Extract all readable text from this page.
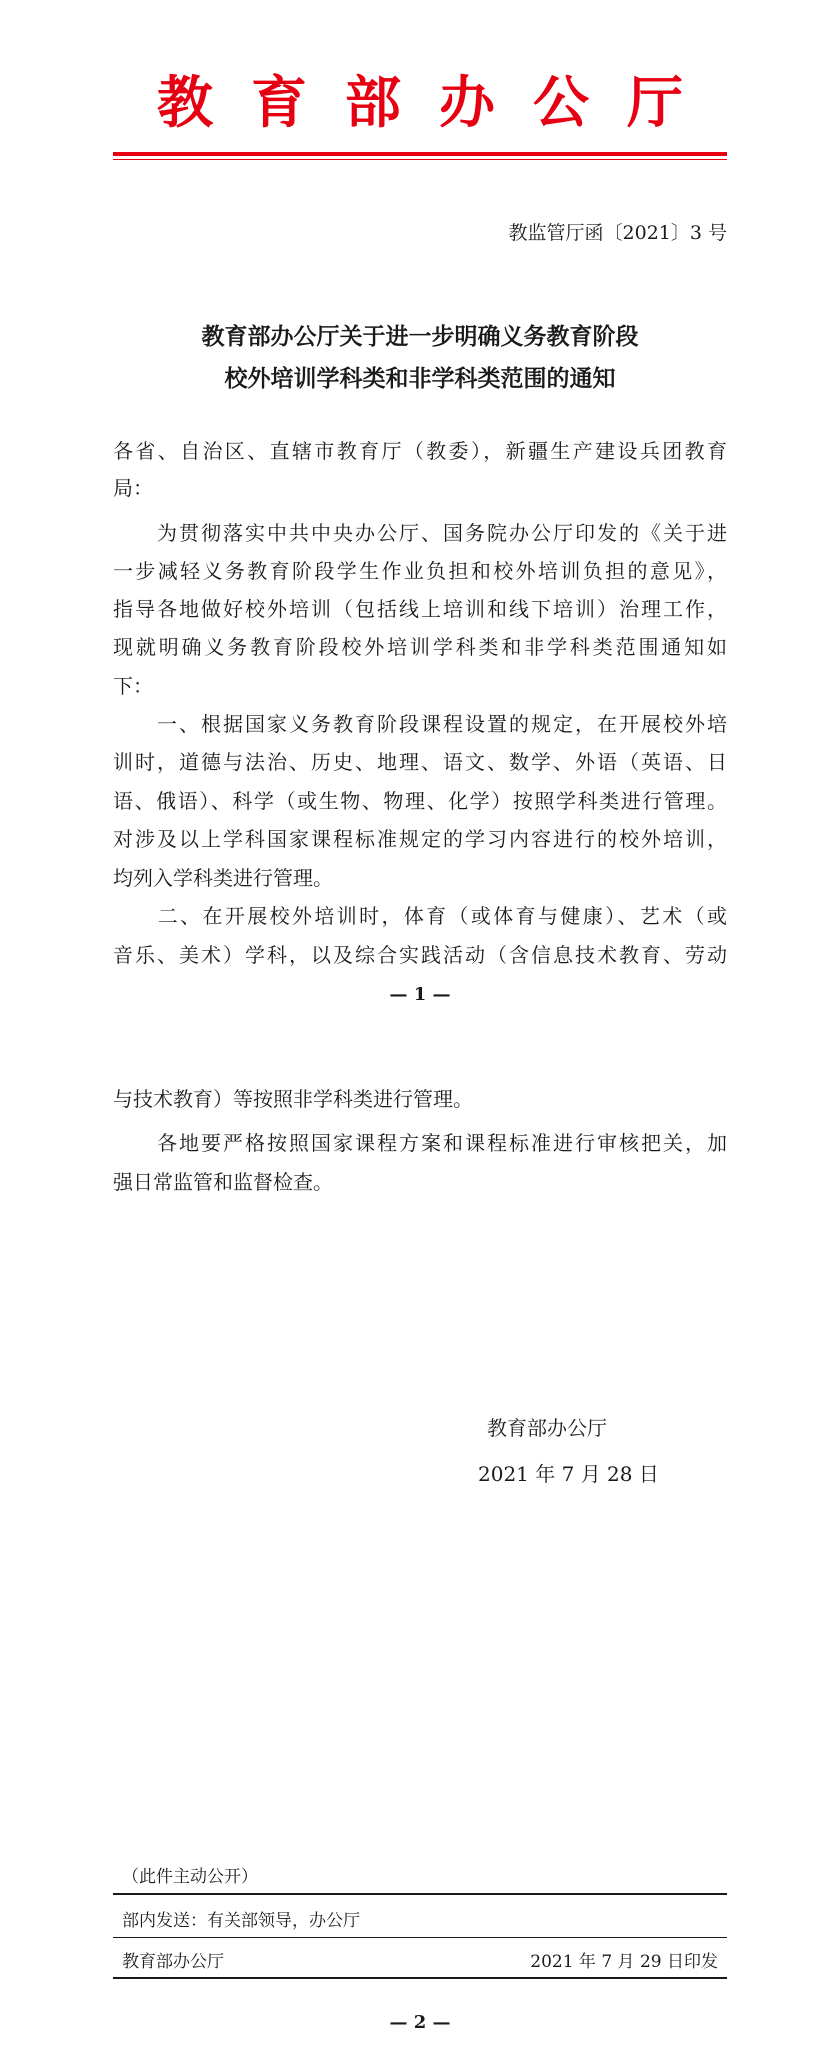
教育部办公厅
教监管厅函〔2021〕3 号
教育部办公厅关于进一步明确义务教育阶段
校外培训学科类和非学科类范围的通知
各省、自治区、直辖市教育厅（教委），新疆生产建设兵团教育
局：
　　为贯彻落实中共中央办公厅、国务院办公厅印发的《关于进
一步减轻义务教育阶段学生作业负担和校外培训负担的意见》，
指导各地做好校外培训（包括线上培训和线下培训）治理工作，
现就明确义务教育阶段校外培训学科类和非学科类范围通知如
下：
　　一、根据国家义务教育阶段课程设置的规定，在开展校外培
训时，道德与法治、历史、地理、语文、数学、外语（英语、日
语、俄语）、科学（或生物、物理、化学）按照学科类进行管理。
对涉及以上学科国家课程标准规定的学习内容进行的校外培训，
均列入学科类进行管理。
　　二、在开展校外培训时，体育（或体育与健康）、艺术（或
音乐、美术）学科，以及综合实践活动（含信息技术教育、劳动
— 1 —
与技术教育）等按照非学科类进行管理。
　　各地要严格按照国家课程方案和课程标准进行审核把关，加
强日常监管和监督检查。
教育部办公厅
2021 年 7 月 28 日
（此件主动公开）
部内发送：有关部领导，办公厅
教育部办公厅	2021 年 7 月 29 日印发
— 2 —
